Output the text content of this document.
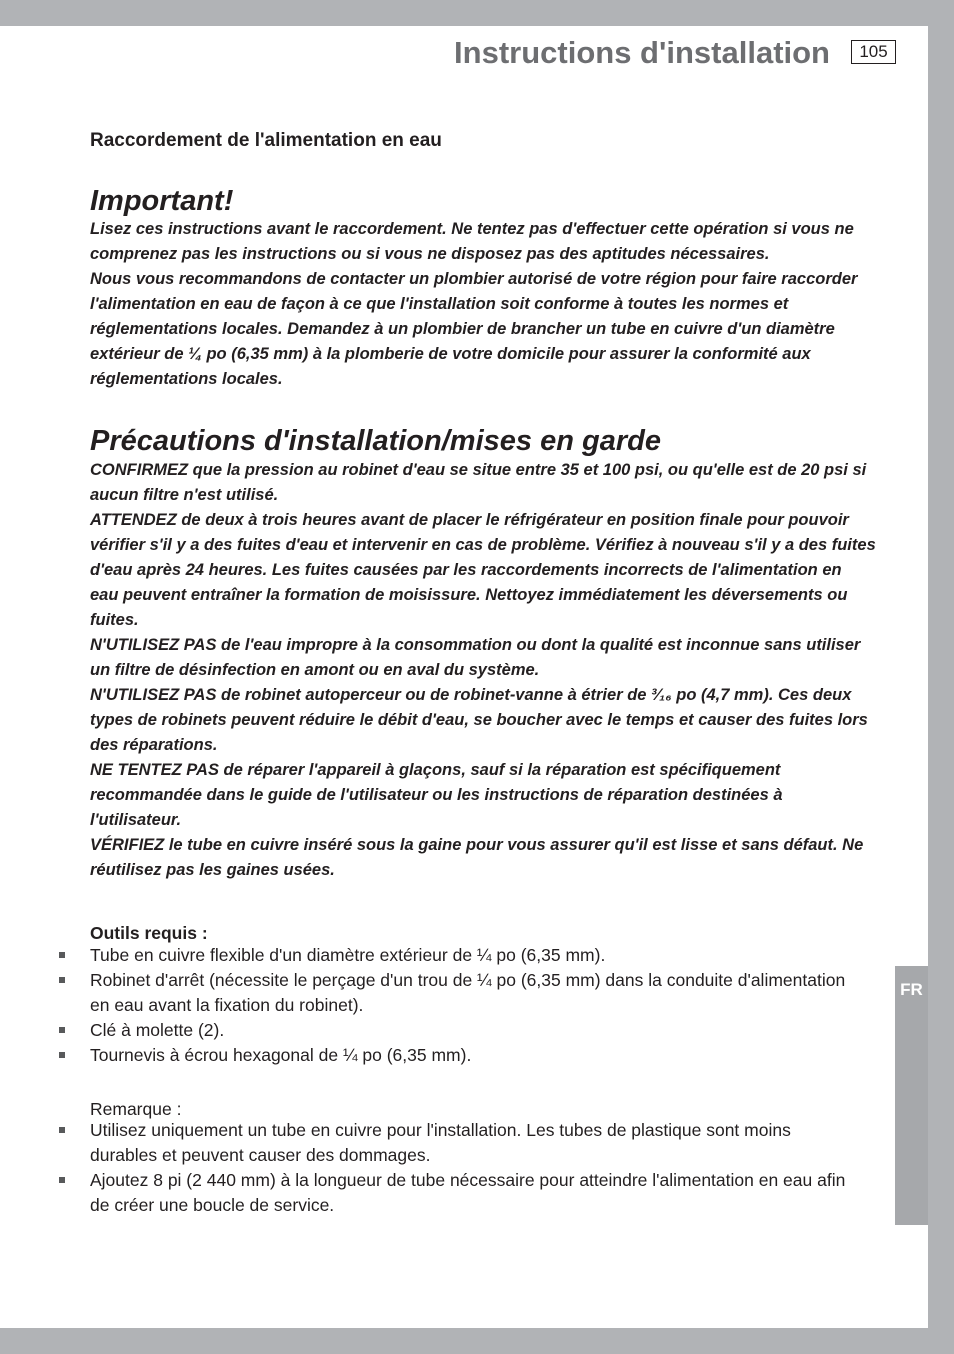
Instructions d'installation	105
FR
Raccordement de l'alimentation en eau
Important!
Lisez ces instructions avant le raccordement. Ne tentez pas d'effectuer cette opération si vous ne
comprenez pas les instructions ou si vous ne disposez pas des aptitudes nécessaires.
Nous vous recommandons de contacter un plombier autorisé de votre région pour faire raccorder
l'alimentation en eau de façon à ce que l'installation soit conforme à toutes les normes et
réglementations locales. Demandez à un plombier de brancher un tube en cuivre d'un diamètre
extérieur de ¼ po (6,35 mm) à la plomberie de votre domicile pour assurer la conformité aux
réglementations locales.
Précautions d'installation/mises en garde
CONFIRMEZ que la pression au robinet d'eau se situe entre 35 et 100 psi, ou qu'elle est de 20 psi si
aucun filtre n'est utilisé.
ATTENDEZ de deux à trois heures avant de placer le réfrigérateur en position finale pour pouvoir
vérifier s'il y a des fuites d'eau et intervenir en cas de problème. Vérifiez à nouveau s'il y a des fuites
d'eau après 24 heures. Les fuites causées par les raccordements incorrects de l'alimentation en
eau peuvent entraîner la formation de moisissure. Nettoyez immédiatement les déversements ou
fuites.
N'UTILISEZ PAS de l'eau impropre à la consommation ou dont la qualité est inconnue sans utiliser
un filtre de désinfection en amont ou en aval du système.
N'UTILISEZ PAS de robinet autoperceur ou de robinet-vanne à étrier de ³⁄₁₆ po (4,7 mm). Ces deux
types de robinets peuvent réduire le débit d'eau, se boucher avec le temps et causer des fuites lors
des réparations.
NE TENTEZ PAS de réparer l'appareil à glaçons, sauf si la réparation est spécifiquement
recommandée dans le guide de l'utilisateur ou les instructions de réparation destinées à
l'utilisateur.
VÉRIFIEZ le tube en cuivre inséré sous la gaine pour vous assurer qu'il est lisse et sans défaut. Ne
réutilisez pas les gaines usées.
Outils requis :
Tube en cuivre flexible d'un diamètre extérieur de ¼ po (6,35 mm).
Robinet d'arrêt (nécessite le perçage d'un trou de ¼ po (6,35 mm) dans la conduite d'alimentation
en eau avant la fixation du robinet).
Clé à molette (2).
Tournevis à écrou hexagonal de ¼ po (6,35 mm).
Remarque :
Utilisez uniquement un tube en cuivre pour l'installation. Les tubes de plastique sont moins
durables et peuvent causer des dommages.
Ajoutez 8 pi (2 440 mm) à la longueur de tube nécessaire pour atteindre l'alimentation en eau afin
de créer une boucle de service.
